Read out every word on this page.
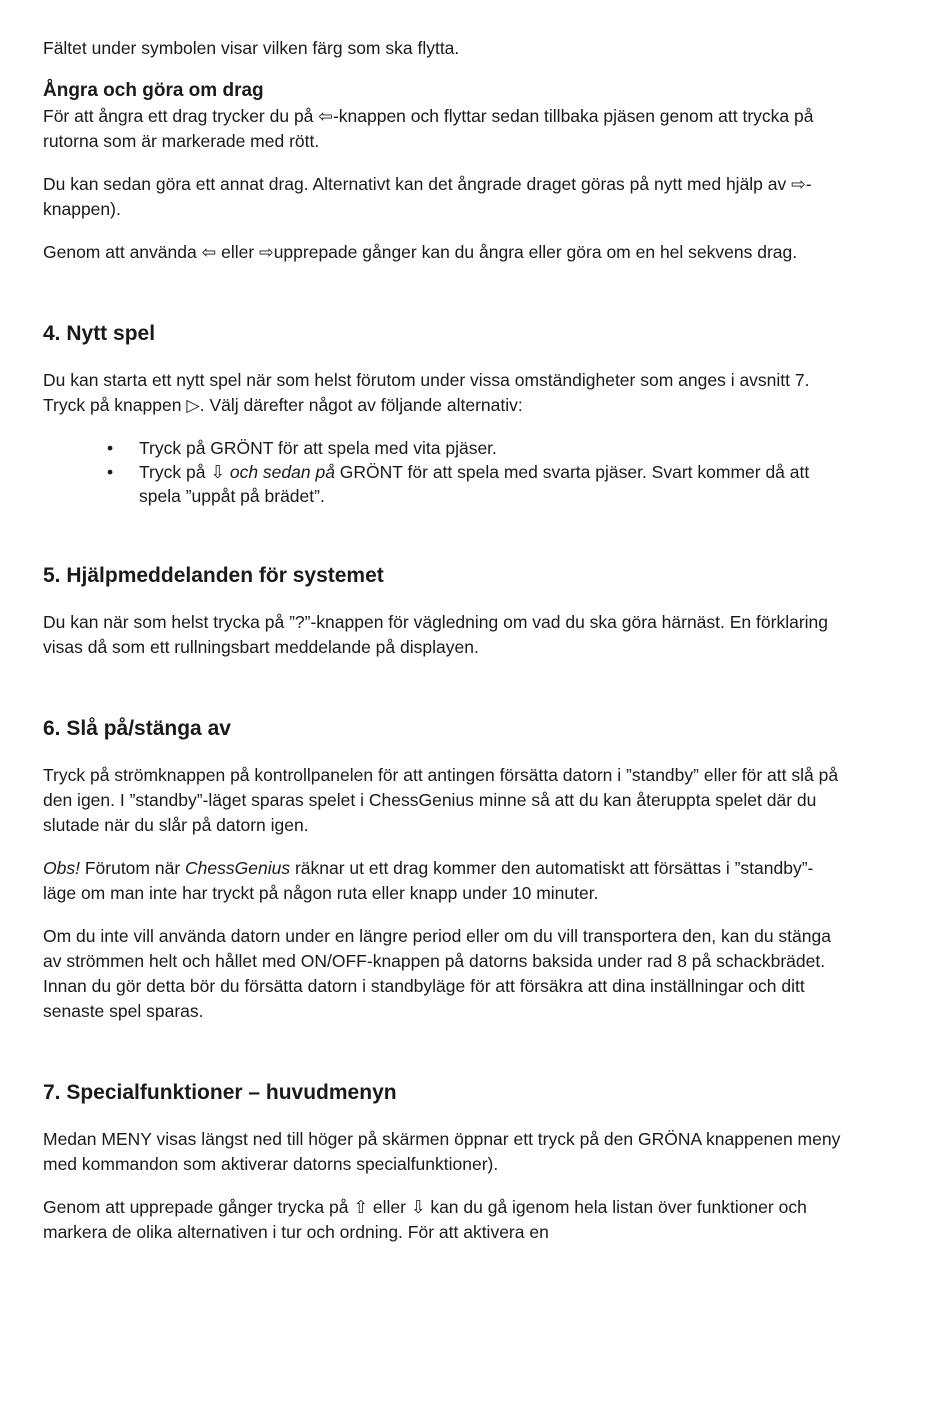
Fältet under symbolen visar vilken färg som ska flytta.

Ångra och göra om drag

För att ångra ett drag trycker du på ⇦-knappen och flyttar sedan tillbaka pjäsen genom att trycka på rutorna som är markerade med rött.

Du kan sedan göra ett annat drag. Alternativt kan det ångrade draget göras på nytt med hjälp av ⇨-knappen).

Genom att använda ⇦ eller ⇨upprepade gånger kan du ångra eller göra om en hel sekvens drag.

4. Nytt spel

Du kan starta ett nytt spel när som helst förutom under vissa omständigheter som anges i avsnitt 7. Tryck på knappen ▷. Välj därefter något av följande alternativ:

• Tryck på GRÖNT för att spela med vita pjäser.
• Tryck på ⇩ och sedan på GRÖNT för att spela med svarta pjäser. Svart kommer då att spela ”uppåt på brädet”.
5. Hjälpmeddelanden för systemet

Du kan när som helst trycka på ”?”-knappen för vägledning om vad du ska göra härnäst. En förklaring visas då som ett rullningsbart meddelande på displayen.

6. Slå på/stänga av

Tryck på strömknappen på kontrollpanelen för att antingen försätta datorn i ”standby” eller för att slå på den igen. I ”standby”-läget sparas spelet i ChessGenius minne så att du kan återuppta spelet där du slutade när du slår på datorn igen.

Obs! Förutom när ChessGenius räknar ut ett drag kommer den automatiskt att försättas i ”standby”-läge om man inte har tryckt på någon ruta eller knapp under 10 minuter.

Om du inte vill använda datorn under en längre period eller om du vill transportera den, kan du stänga av strömmen helt och hållet med ON/OFF-knappen på datorns baksida under rad 8 på schackbrädet. Innan du gör detta bör du försätta datorn i standbyläge för att försäkra att dina inställningar och ditt senaste spel sparas.

7. Specialfunktioner – huvudmenyn

Medan MENY visas längst ned till höger på skärmen öppnar ett tryck på den GRÖNA knappenen meny med kommandon som aktiverar datorns specialfunktioner).

Genom att upprepade gånger trycka på ⇧ eller ⇩ kan du gå igenom hela listan över funktioner och markera de olika alternativen i tur och ordning. För att aktivera en
